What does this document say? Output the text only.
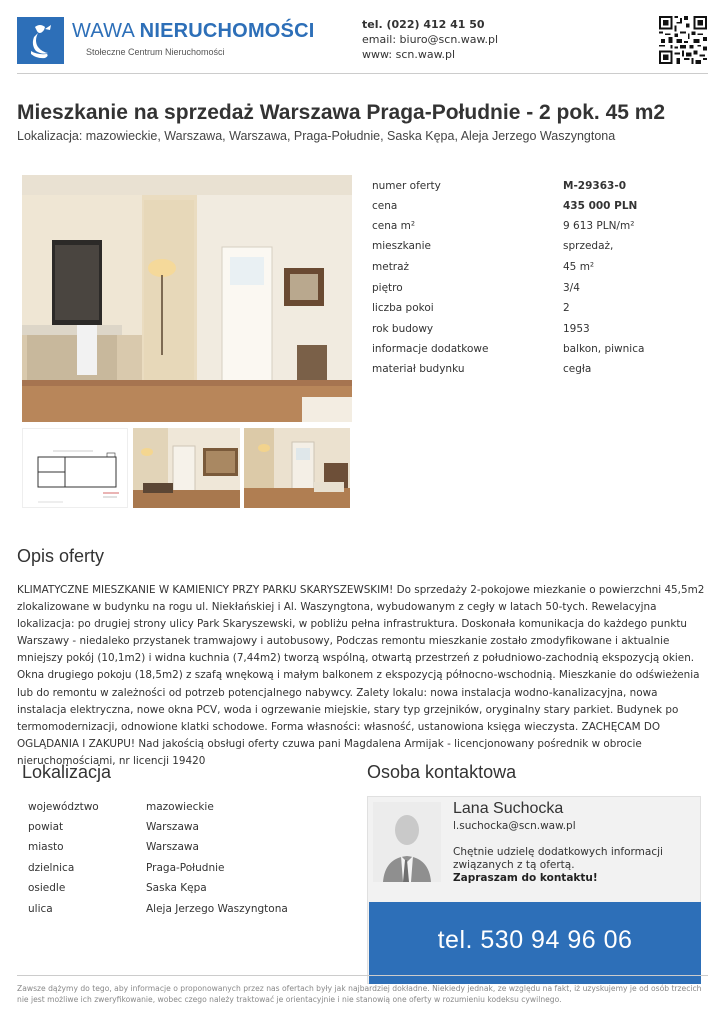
WAWA NIERUCHOMOŚCI
Stołeczne Centrum Nieruchomości
tel. (022) 412 41 50
email: biuro@scn.waw.pl
www: scn.waw.pl
Mieszkanie na sprzedaż Warszawa Praga-Południe - 2 pok. 45 m2
Lokalizacja: mazowieckie, Warszawa, Warszawa, Praga-Południe, Saska Kępa, Aleja Jerzego Waszyngtona
numer oferty	M-29363-0
cena	435 000 PLN
cena m²	9 613 PLN/m²
mieszkanie	sprzedaż,
metraż	45 m²
piętro	3/4
liczba pokoi	2
rok budowy	1953
informacje dodatkowe	balkon, piwnica
materiał budynku	cegła
Opis oferty
KLIMATYCZNE MIESZKANIE W KAMIENICY PRZY PARKU SKARYSZEWSKIM! Do sprzedaży 2-pokojowe miezkanie o powierzchni 45,5m2 zlokalizowane w budynku na rogu ul. Niekłańskiej i Al. Waszyngtona, wybudowanym z cegły w latach 50-tych. Rewelacyjna lokalizacja: po drugiej strony ulicy Park Skaryszewski, w pobliżu pełna infrastruktura. Doskonała komunikacja do każdego punktu Warszawy - niedaleko przystanek tramwajowy i autobusowy, Podczas remontu mieszkanie zostało zmodyfikowane i aktualnie mniejszy pokój (10,1m2) i widna kuchnia (7,44m2) tworzą wspólną, otwartą przestrzeń z południowo-zachodnią ekspozycją okien. Okna drugiego pokoju (18,5m2) z szafą wnękową i małym balkonem z ekspozycją północno-wschodnią. Mieszkanie do odświeżenia lub do remontu w zależności od potrzeb potencjalnego nabywcy. Zalety lokalu: nowa instalacja wodno-kanalizacyjna, nowa instalacja elektryczna, nowe okna PCV, woda i ogrzewanie miejskie, stary typ grzejników, oryginalny stary parkiet. Budynek po termomodernizacji, odnowione klatki schodowe. Forma własności: własność, ustanowiona księga wieczysta. ZACHĘCAM DO OGLĄDANIA I ZAKUPU! Nad jakością obsługi oferty czuwa pani Magdalena Armijak - licencjonowany pośrednik w obrocie nieruchomościami, nr licencji 19420
Lokalizacja
województwo	mazowieckie
powiat	Warszawa
miasto	Warszawa
dzielnica	Praga-Południe
osiedle	Saska Kępa
ulica	Aleja Jerzego Waszyngtona
Osoba kontaktowa
Lana Suchocka
l.suchocka@scn.waw.pl
Chętnie udzielę dodatkowych informacji związanych z tą ofertą.
Zapraszam do kontaktu!
tel. 530 94 96 06
Zawsze dążymy do tego, aby informacje o proponowanych przez nas ofertach były jak najbardziej dokładne. Niekiedy jednak, ze względu na fakt, iż uzyskujemy je od osób trzecich nie jest możliwe ich zweryfikowanie, wobec czego należy traktować je orientacyjnie i nie stanowią one oferty w rozumieniu kodeksu cywilnego.
